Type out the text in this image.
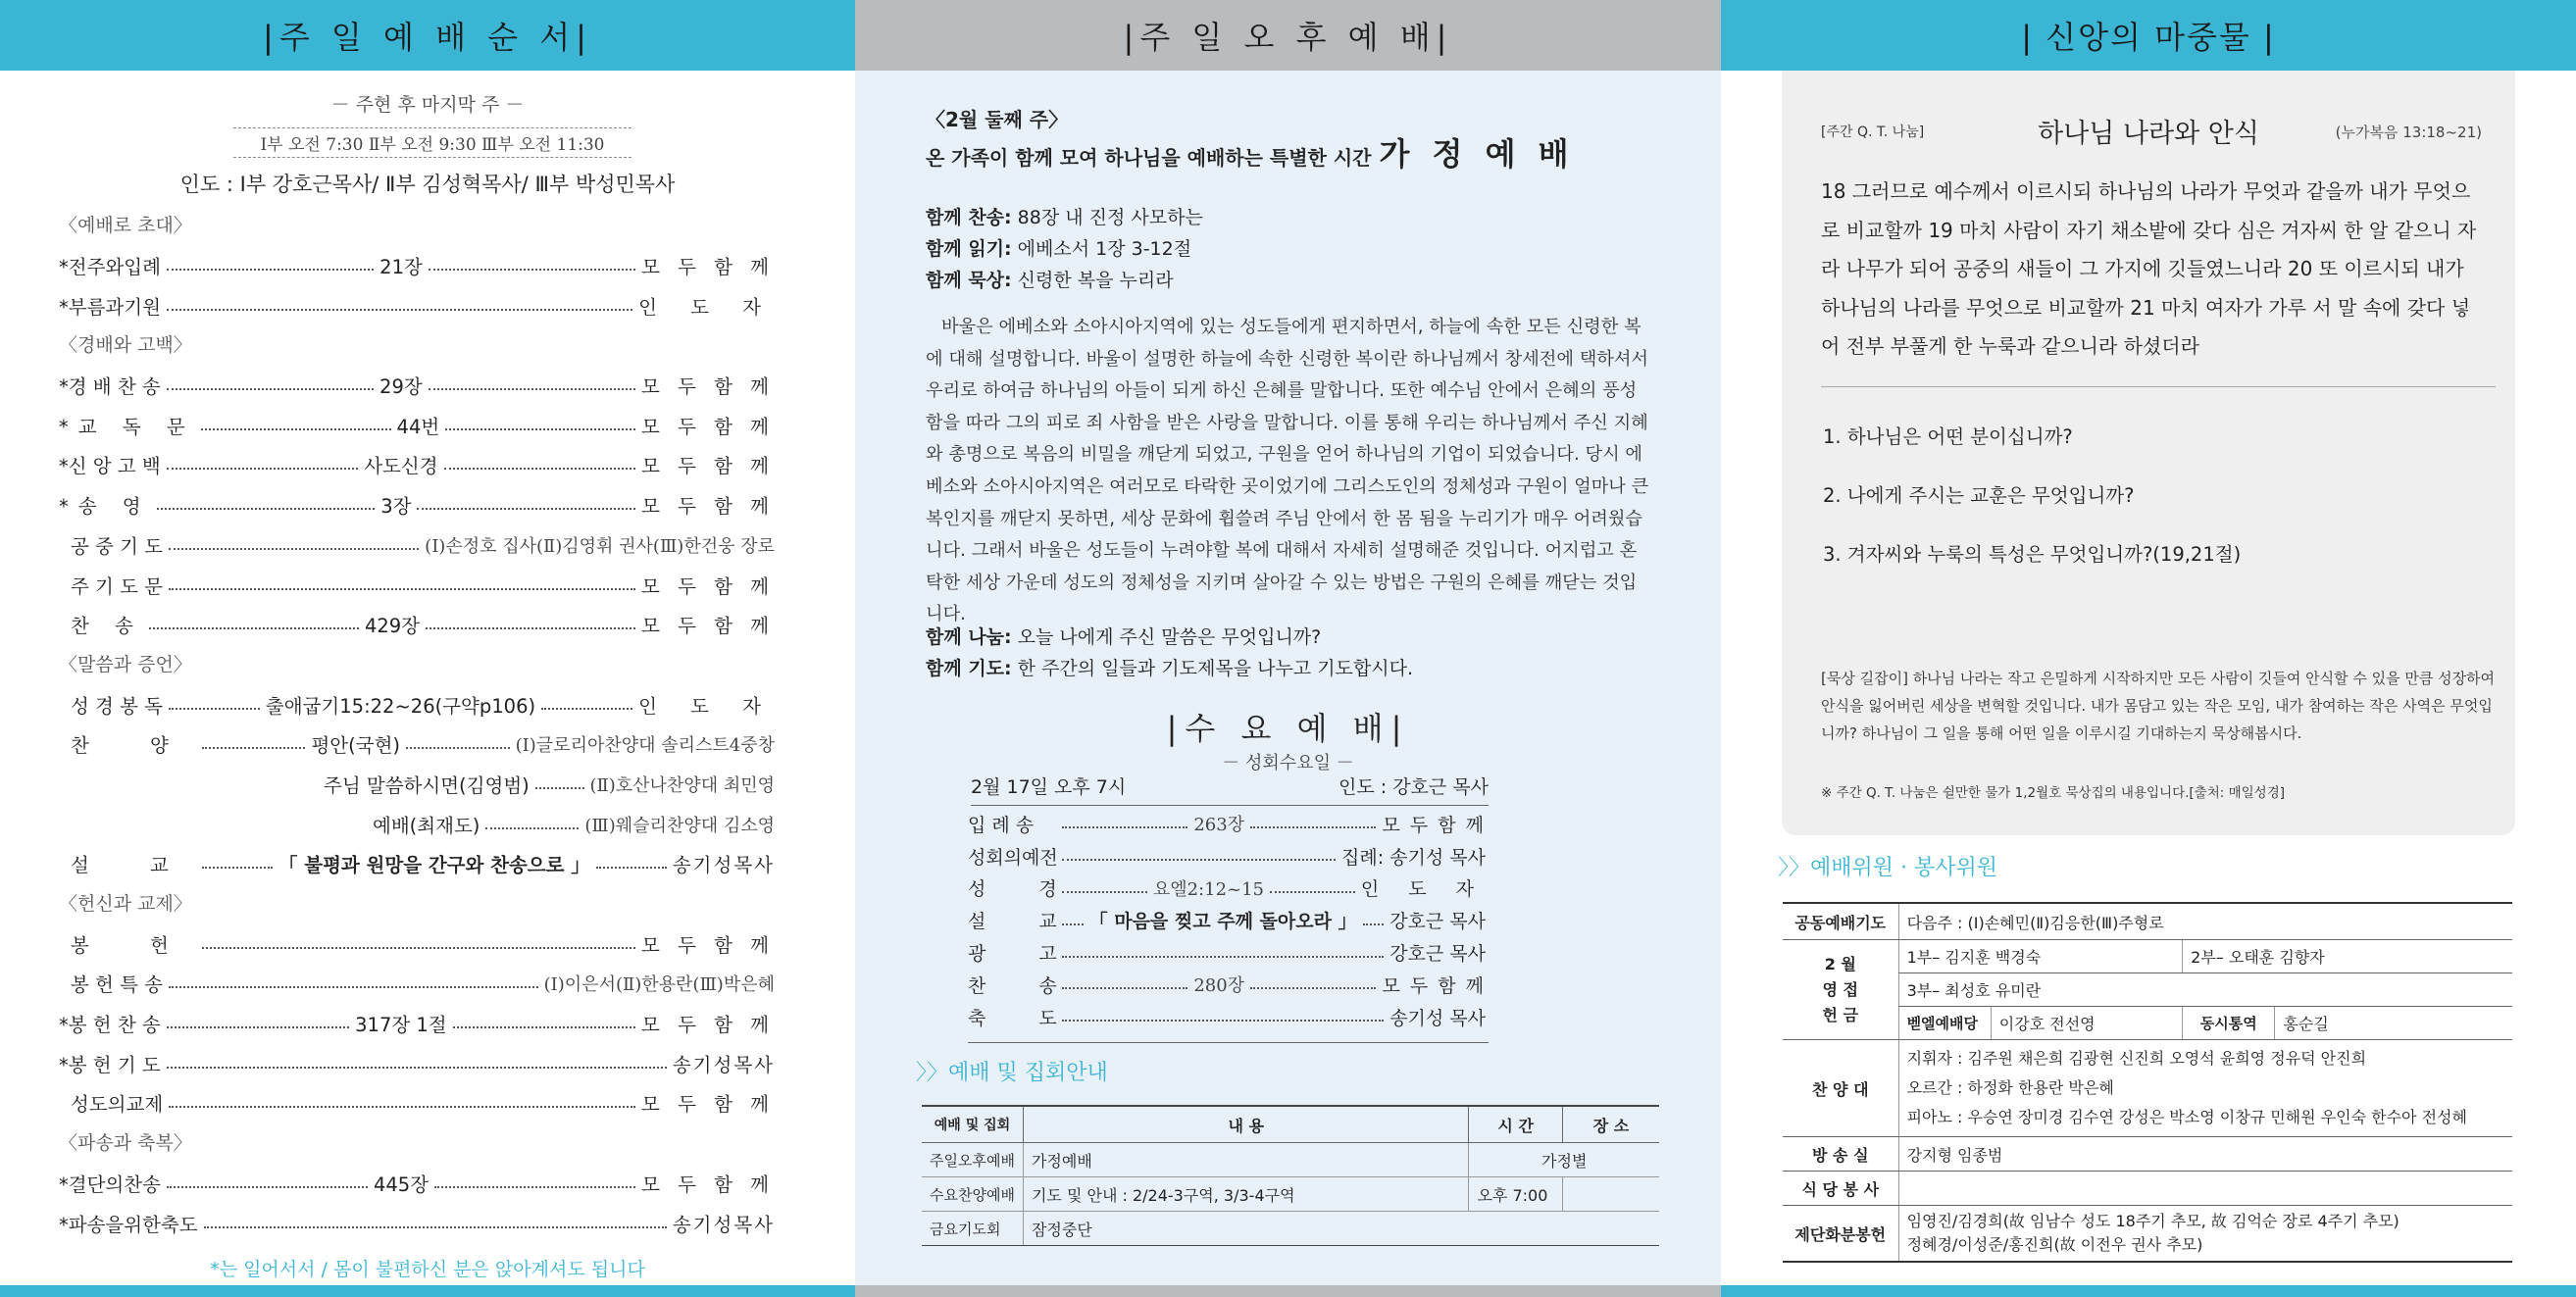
|주 일 예 배 순 서|
－ 주현 후 마지막 주 －
Ⅰ부 오전 7:30 Ⅱ부 오전 9:30 Ⅲ부 오전 11:30
인도 : Ⅰ부 강호근목사/ Ⅱ부 김성혁목사/ Ⅲ부 박성민목사
〈예배로 초대〉
*전주와입례	21장	모 두 함 께
*부름과기원	인 도 자
〈경배와 고백〉
*경 배 찬 송	29장	모 두 함 께
*교 독 문	44번	모 두 함 께
*신 앙 고 백	사도신경	모 두 함 께
*송 영	3장	모 두 함 께
공 중 기 도	(Ⅰ)손정호 집사(Ⅱ)김영휘 권사(Ⅲ)한건웅 장로
주 기 도 문	모 두 함 께
찬 송	429장	모 두 함 께
〈말씀과 증언〉
성 경 봉 독	출애굽기15:22~26(구약p106)	인 도 자
찬 양	평안(국현)	(Ⅰ)글로리아찬양대 솔리스트4중창
주님 말씀하시면(김영범)	(Ⅱ)호산나찬양대 최민영
예배(최재도)	(Ⅲ)웨슬리찬양대 김소영
설 교	「 불평과 원망을 간구와 찬송으로 」	송기성목사
〈헌신과 교제〉
봉 헌	모 두 함 께
봉 헌 특 송	(Ⅰ)이은서(Ⅱ)한용란(Ⅲ)박은혜
*봉 헌 찬 송	317장 1절	모 두 함 께
*봉 헌 기 도	송기성목사
성도의교제	모 두 함 께
〈파송과 축복〉
*결단의찬송	445장	모 두 함 께
*파송을위한축도	송기성목사
*는 일어서서 / 몸이 불편하신 분은 앉아계셔도 됩니다
|주 일 오 후 예 배|
〈2월 둘째 주〉
온 가족이 함께 모여 하나님을 예배하는 특별한 시간 가 정 예 배
함께 찬송: 88장 내 진정 사모하는
함께 읽기: 에베소서 1장 3-12절
함께 묵상: 신령한 복을 누리라
바울은 에베소와 소아시아지역에 있는 성도들에게 편지하면서, 하늘에 속한 모든 신령한 복에 대해 설명합니다. 바울이 설명한 하늘에 속한 신령한 복이란 하나님께서 창세전에 택하셔서 우리로 하여금 하나님의 아들이 되게 하신 은혜를 말합니다. 또한 예수님 안에서 은혜의 풍성함을 따라 그의 피로 죄 사함을 받은 사랑을 말합니다. 이를 통해 우리는 하나님께서 주신 지혜와 총명으로 복음의 비밀을 깨닫게 되었고, 구원을 얻어 하나님의 기업이 되었습니다. 당시 에베소와 소아시아지역은 여러모로 타락한 곳이었기에 그리스도인의 정체성과 구원이 얼마나 큰 복인지를 깨닫지 못하면, 세상 문화에 휩쓸려 주님 안에서 한 몸 됨을 누리기가 매우 어려웠습니다. 그래서 바울은 성도들이 누려야할 복에 대해서 자세히 설명해준 것입니다. 어지럽고 혼탁한 세상 가운데 성도의 정체성을 지키며 살아갈 수 있는 방법은 구원의 은혜를 깨닫는 것입니다.
함께 나눔: 오늘 나에게 주신 말씀은 무엇입니까?
함께 기도: 한 주간의 일들과 기도제목을 나누고 기도합시다.
|수 요 예 배|
－ 성회수요일 －
2월 17일 오후 7시	인도 : 강호근 목사
입 례 송	263장	모 두 함 께
성회의예전	집례: 송기성 목사
성 경	요엘2:12~15	인 도 자
설 교 「 마음을 찢고 주께 돌아오라 」 강호근 목사
광 고	강호근 목사
찬 송	280장	모 두 함 께
축 도	송기성 목사
〉〉예배 및 집회안내
예배 및 집회	내 용	시 간	장 소
주일오후예배	가정예배	가정별	
수요찬양예배	기도 및 안내 : 2/24-3구역, 3/3-4구역	오후 7:00	
금요기도회	잠정중단		
| 신앙의 마중물 |
하나님 나라와 안식
[주간 Q. T. 나눔]	(누가복음 13:18~21)
18 그러므로 예수께서 이르시되 하나님의 나라가 무엇과 같을까 내가 무엇으로 비교할까 19 마치 사람이 자기 채소밭에 갖다 심은 겨자씨 한 알 같으니 자라 나무가 되어 공중의 새들이 그 가지에 깃들였느니라 20 또 이르시되 내가 하나님의 나라를 무엇으로 비교할까 21 마치 여자가 가루 서 말 속에 갖다 넣어 전부 부풀게 한 누룩과 같으니라 하셨더라
1. 하나님은 어떤 분이십니까?
2. 나에게 주시는 교훈은 무엇입니까?
3. 겨자씨와 누룩의 특성은 무엇입니까?(19,21절)
[묵상 길잡이] 하나님 나라는 작고 은밀하게 시작하지만 모든 사람이 깃들여 안식할 수 있을 만큼 성장하여 안식을 잃어버린 세상을 변혁할 것입니다. 내가 몸담고 있는 작은 모임, 내가 참여하는 작은 사역은 무엇입니까? 하나님이 그 일을 통해 어떤 일을 이루시길 기대하는지 묵상해봅시다.
※ 주간 Q. T. 나눔은 쉴만한 물가 1,2월호 묵상집의 내용입니다.[출처: 매일성경]
〉〉예배위원 · 봉사위원
공동예배기도	다음주 : (Ⅰ)손혜민(Ⅱ)김응한(Ⅲ)주형로			
2 월
영 접
헌 금	1부– 김지훈 백경숙		2부– 오태훈 김향자	
	3부– 최성호 유미란			
	벧엘예배당	이강호 전선영	동시통역	홍순길
찬 양 대	지휘자 : 김주원 채은희 김광현 신진희 오영석 윤희영 정유덕 안진희
오르간 : 하정화 한용란 박은혜
피아노 : 우승연 장미경 김수연 강성은 박소영 이창규 민해원 우인숙 한수아 전성혜			

방 송 실	강지형 임종범			
식 당 봉 사				
제단화분봉헌	임영진/김경희(故 임남수 성도 18주기 추모, 故 김억순 장로 4주기 추모)
정혜경/이성준/홍진희(故 이전우 권사 추모)			
